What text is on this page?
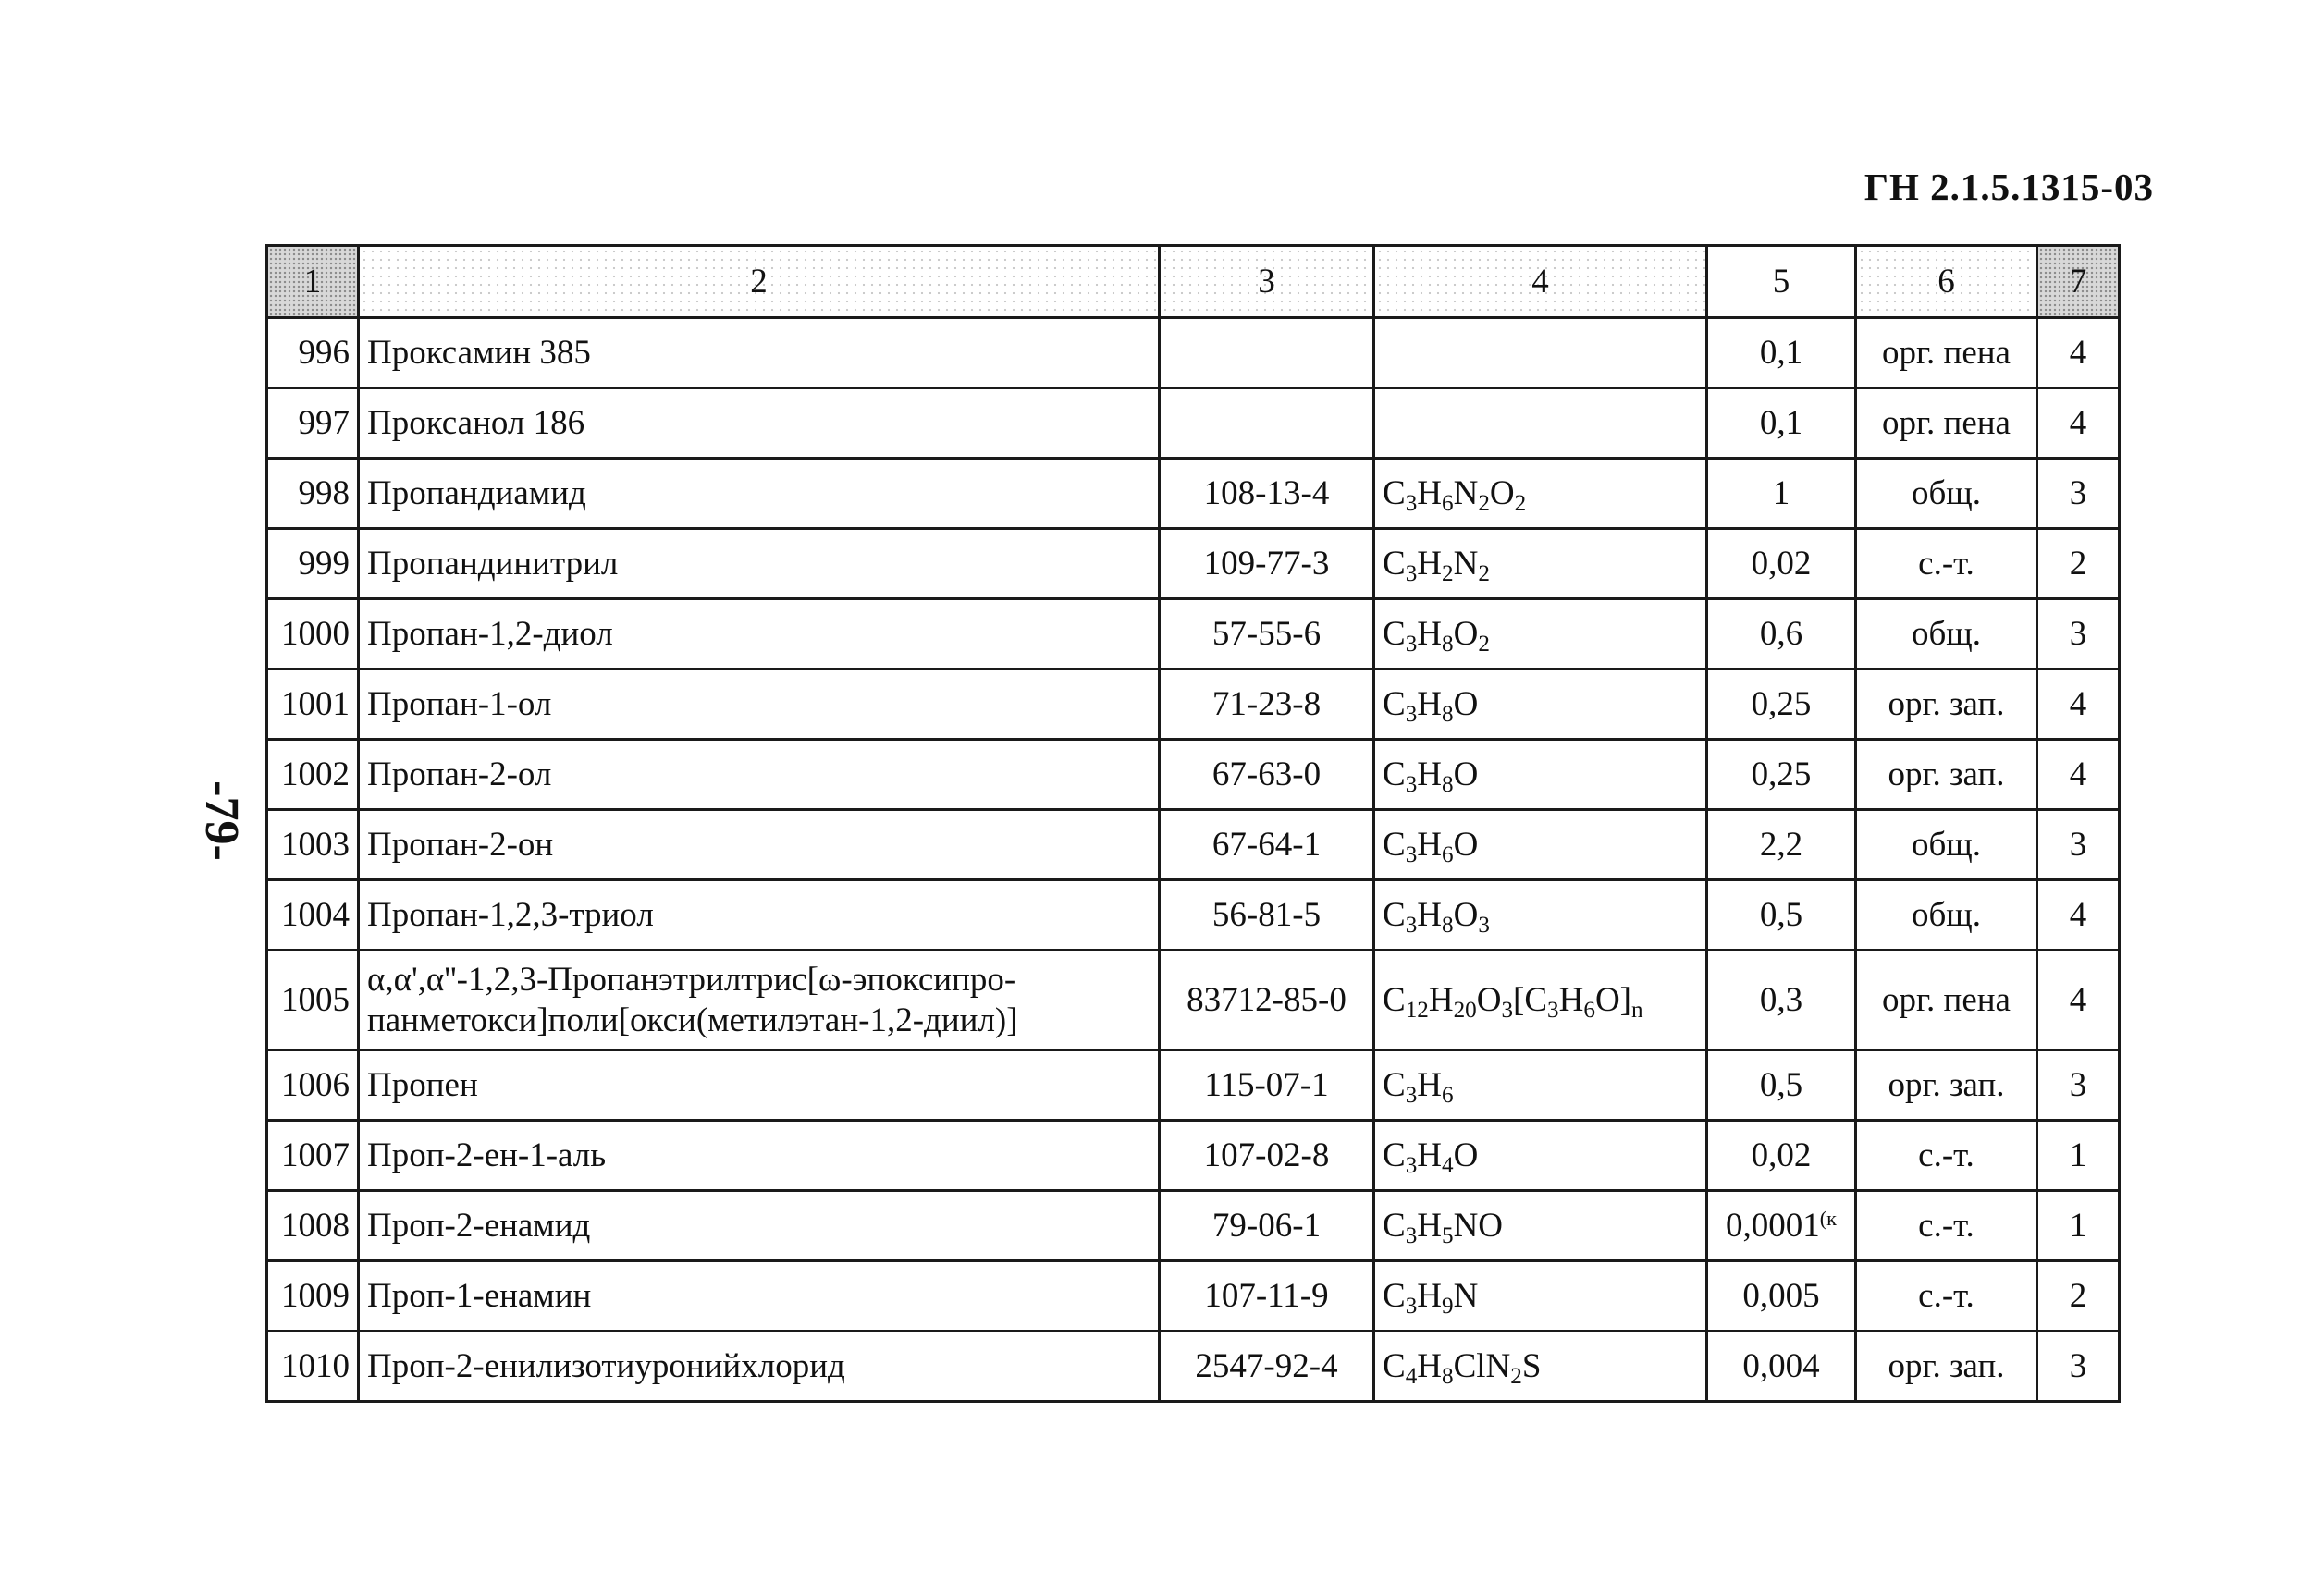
ГН 2.1.5.1315-03
-79-
1	2	3	4	5	6	7
996	Проксамин 385			0,1	орг. пена	4
997	Проксанол 186			0,1	орг. пена	4
998	Пропандиамид	108-13-4	$C_3H_6N_2O_2$	1	общ.	3
999	Пропандинитрил	109-77-3	$C_3H_2N_2$	0,02	с.-т.	2
1000	Пропан-1,2-диол	57-55-6	$C_3H_8O_2$	0,6	общ.	3
1001	Пропан-1-ол	71-23-8	$C_3H_8O$	0,25	орг. зап.	4
1002	Пропан-2-ол	67-63-0	$C_3H_8O$	0,25	орг. зап.	4
1003	Пропан-2-он	67-64-1	$C_3H_6O$	2,2	общ.	3
1004	Пропан-1,2,3-триол	56-81-5	$C_3H_8O_3$	0,5	общ.	4
1005	α,α',α''-1,2,3-Пропанэтрилтрис[ω-эпоксипро-
панметокси]поли[окси(метилэтан-1,2-диил)]	83712-85-0	$C_{12}H_{20}O_3[C_3H_6O]_n$	0,3	орг. пена	4
1006	Пропен	115-07-1	$C_3H_6$	0,5	орг. зап.	3
1007	Проп-2-ен-1-аль	107-02-8	$C_3H_4O$	0,02	с.-т.	1
1008	Проп-2-енамид	79-06-1	$C_3H_5NO$	$0,0001^{(к}$	с.-т.	1
1009	Проп-1-енамин	107-11-9	$C_3H_9N$	0,005	с.-т.	2
1010	Проп-2-енилизотиуронийхлорид	2547-92-4	$C_4H_8ClN_2S$	0,004	орг. зап.	3
